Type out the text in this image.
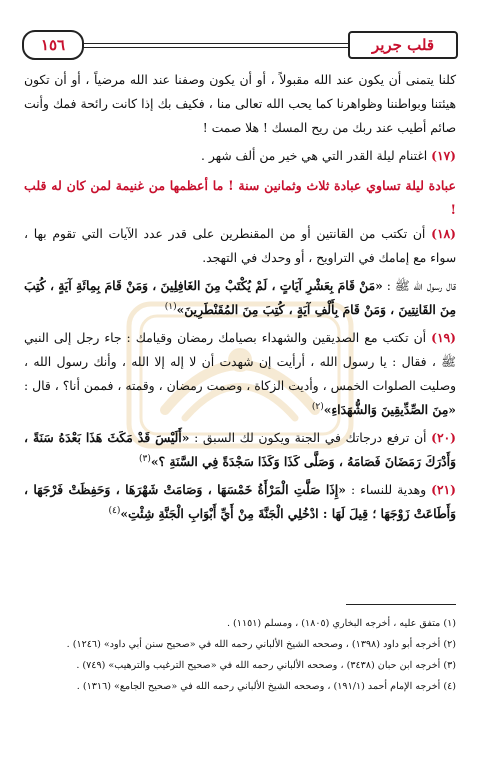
قلب جرير
١٥٦

كلنا يتمنى أن يكون عند الله مقبولاً ، أو أن يكون وصفنا عند الله مرضياً ، أو أن تكون هيئتنا وبواطننا وظواهرنا كما يحب الله تعالى منا ، فكيف بك إذا كانت رائحة فمك وأنت صائم أطيب عند ربك من ريح المسك ! هلا صمت !

(١٧) اغتنام ليلة القدر التي هي خير من ألف شهر .

عبادة ليلة تساوي عبادة ثلاث وثمانين سنة ! ما أعظمها من غنيمة لمن كان له قلب !

(١٨) أن تكتب من القانتين أو من المقنطرين على قدر عدد الآيات التي تقوم بها ، سواء مع إمامك في التراويح ، أو وحدك في التهجد.

قال رسول الله ﷺ : «مَنْ قَامَ بِعَشْرِ آيَاتٍ ، لَمْ يُكْتَبْ مِنَ الغَافِلِينَ ، وَمَنْ قَامَ بِمِائَةِ آيَةٍ ، كُتِبَ مِنَ القَانِتِينَ ، وَمَنْ قَامَ بِأَلْفِ آيَةٍ ، كُتِبَ مِنَ المُقَنْطَرِينَ»$^{(١)}$

(١٩) أن تكتب مع الصديقين والشهداء بصيامك رمضان وقيامك : جاء رجل إلى النبي ﷺ ، فقال : يا رسول الله ، أرأيت إن شهدت أن لا إله إلا الله ، وأنك رسول الله ، وصليت الصلوات الخمس ، وأديت الزكاة ، وصمت رمضان ، وقمته ، فممن أنا؟ ، قال : «مِنَ الصِّدِّيقِينَ وَالشُّهَدَاءِ»$^{(٢)}$

(٢٠) أن ترفع درجاتك في الجنة ويكون لك السبق : «أَلَيْسَ قَدْ مَكَثَ هَذَا بَعْدَهُ سَنَةً ، وَأَدْرَكَ رَمَضَانَ فَصَامَهُ ، وَصَلَّى كَذَا وَكَذَا سَجْدَةً فِي السَّنَةِ ؟»$^{(٣)}$

(٢١) وهدية للنساء : «إِذَا صَلَّتِ الْمَرْأَةُ خَمْسَهَا ، وَصَامَتْ شَهْرَهَا ، وَحَفِظَتْ فَرْجَهَا ، وَأَطَاعَتْ زَوْجَهَا ؛ قِيلَ لَهَا : ادْخُلِي الْجَنَّةَ مِنْ أَيِّ أَبْوَابِ الْجَنَّةِ شِئْتِ»$^{(٤)}$

(١) متفق عليه ، أخرجه البخاري (١٨٠٥) ، ومسلم (١١٥١) .

(٢) أخرجه أبو داود (١٣٩٨) ، وصححه الشيخ الألباني رحمه الله في «صحيح سنن أبي داود» (١٢٤٦) .

(٣) أخرجه ابن حبان (٣٤٣٨) ، وصححه الألباني رحمه الله في «صحيح الترغيب والترهيب» (٧٤٩) .

(٤) أخرجه الإمام أحمد (١٩١/١) ، وصححه الشيخ الألباني رحمه الله في «صحيح الجامع» (١٣١٦) .
